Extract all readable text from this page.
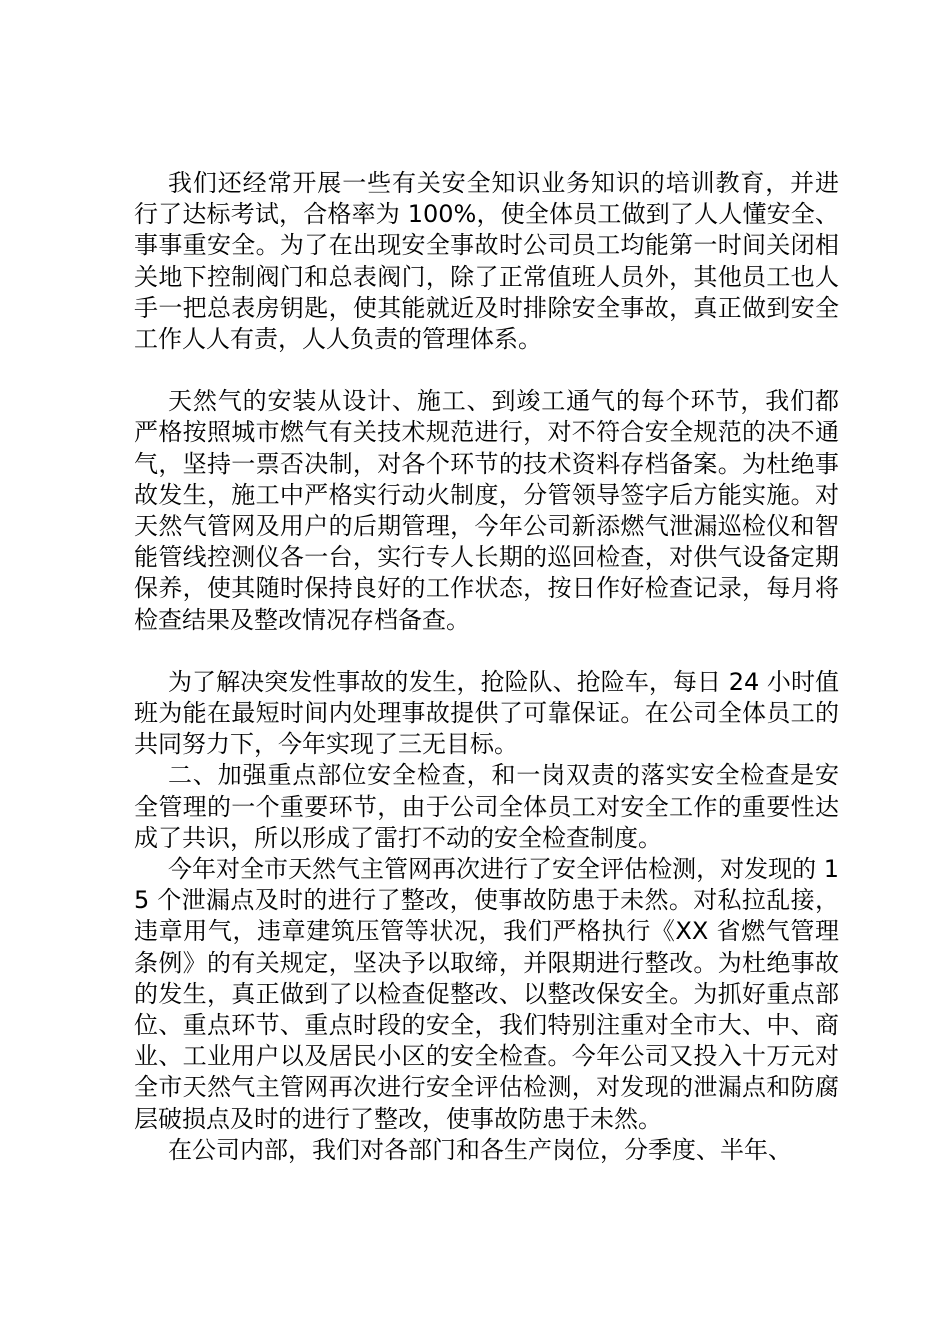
我们还经常开展一些有关安全知识业务知识的培训教育，并进行了达标考试，合格率为 100%，使全体员工做到了人人懂安全、事事重安全。为了在出现安全事故时公司员工均能第一时间关闭相关地下控制阀门和总表阀门，除了正常值班人员外，其他员工也人手一把总表房钥匙，使其能就近及时排除安全事故，真正做到安全工作人人有责，人人负责的管理体系。

天然气的安装从设计、施工、到竣工通气的每个环节，我们都严格按照城市燃气有关技术规范进行，对不符合安全规范的决不通气，坚持一票否决制，对各个环节的技术资料存档备案。为杜绝事故发生，施工中严格实行动火制度，分管领导签字后方能实施。对天然气管网及用户的后期管理，今年公司新添燃气泄漏巡检仪和智能管线控测仪各一台，实行专人长期的巡回检查，对供气设备定期保养，使其随时保持良好的工作状态，按日作好检查记录，每月将检查结果及整改情况存档备查。

为了解决突发性事故的发生，抢险队、抢险车，每日 24 小时值班为能在最短时间内处理事故提供了可靠保证。在公司全体员工的共同努力下，今年实现了三无目标。

二、加强重点部位安全检查，和一岗双责的落实安全检查是安全管理的一个重要环节，由于公司全体员工对安全工作的重要性达成了共识，所以形成了雷打不动的安全检查制度。

今年对全市天然气主管网再次进行了安全评估检测，对发现的 15 个泄漏点及时的进行了整改，使事故防患于未然。对私拉乱接，违章用气，违章建筑压管等状况，我们严格执行《XX 省燃气管理条例》的有关规定，坚决予以取缔，并限期进行整改。为杜绝事故的发生，真正做到了以检查促整改、以整改保安全。为抓好重点部位、重点环节、重点时段的安全，我们特别注重对全市大、中、商业、工业用户以及居民小区的安全检查。今年公司又投入十万元对全市天然气主管网再次进行安全评估检测，对发现的泄漏点和防腐层破损点及时的进行了整改，使事故防患于未然。

在公司内部，我们对各部门和各生产岗位，分季度、半年、
